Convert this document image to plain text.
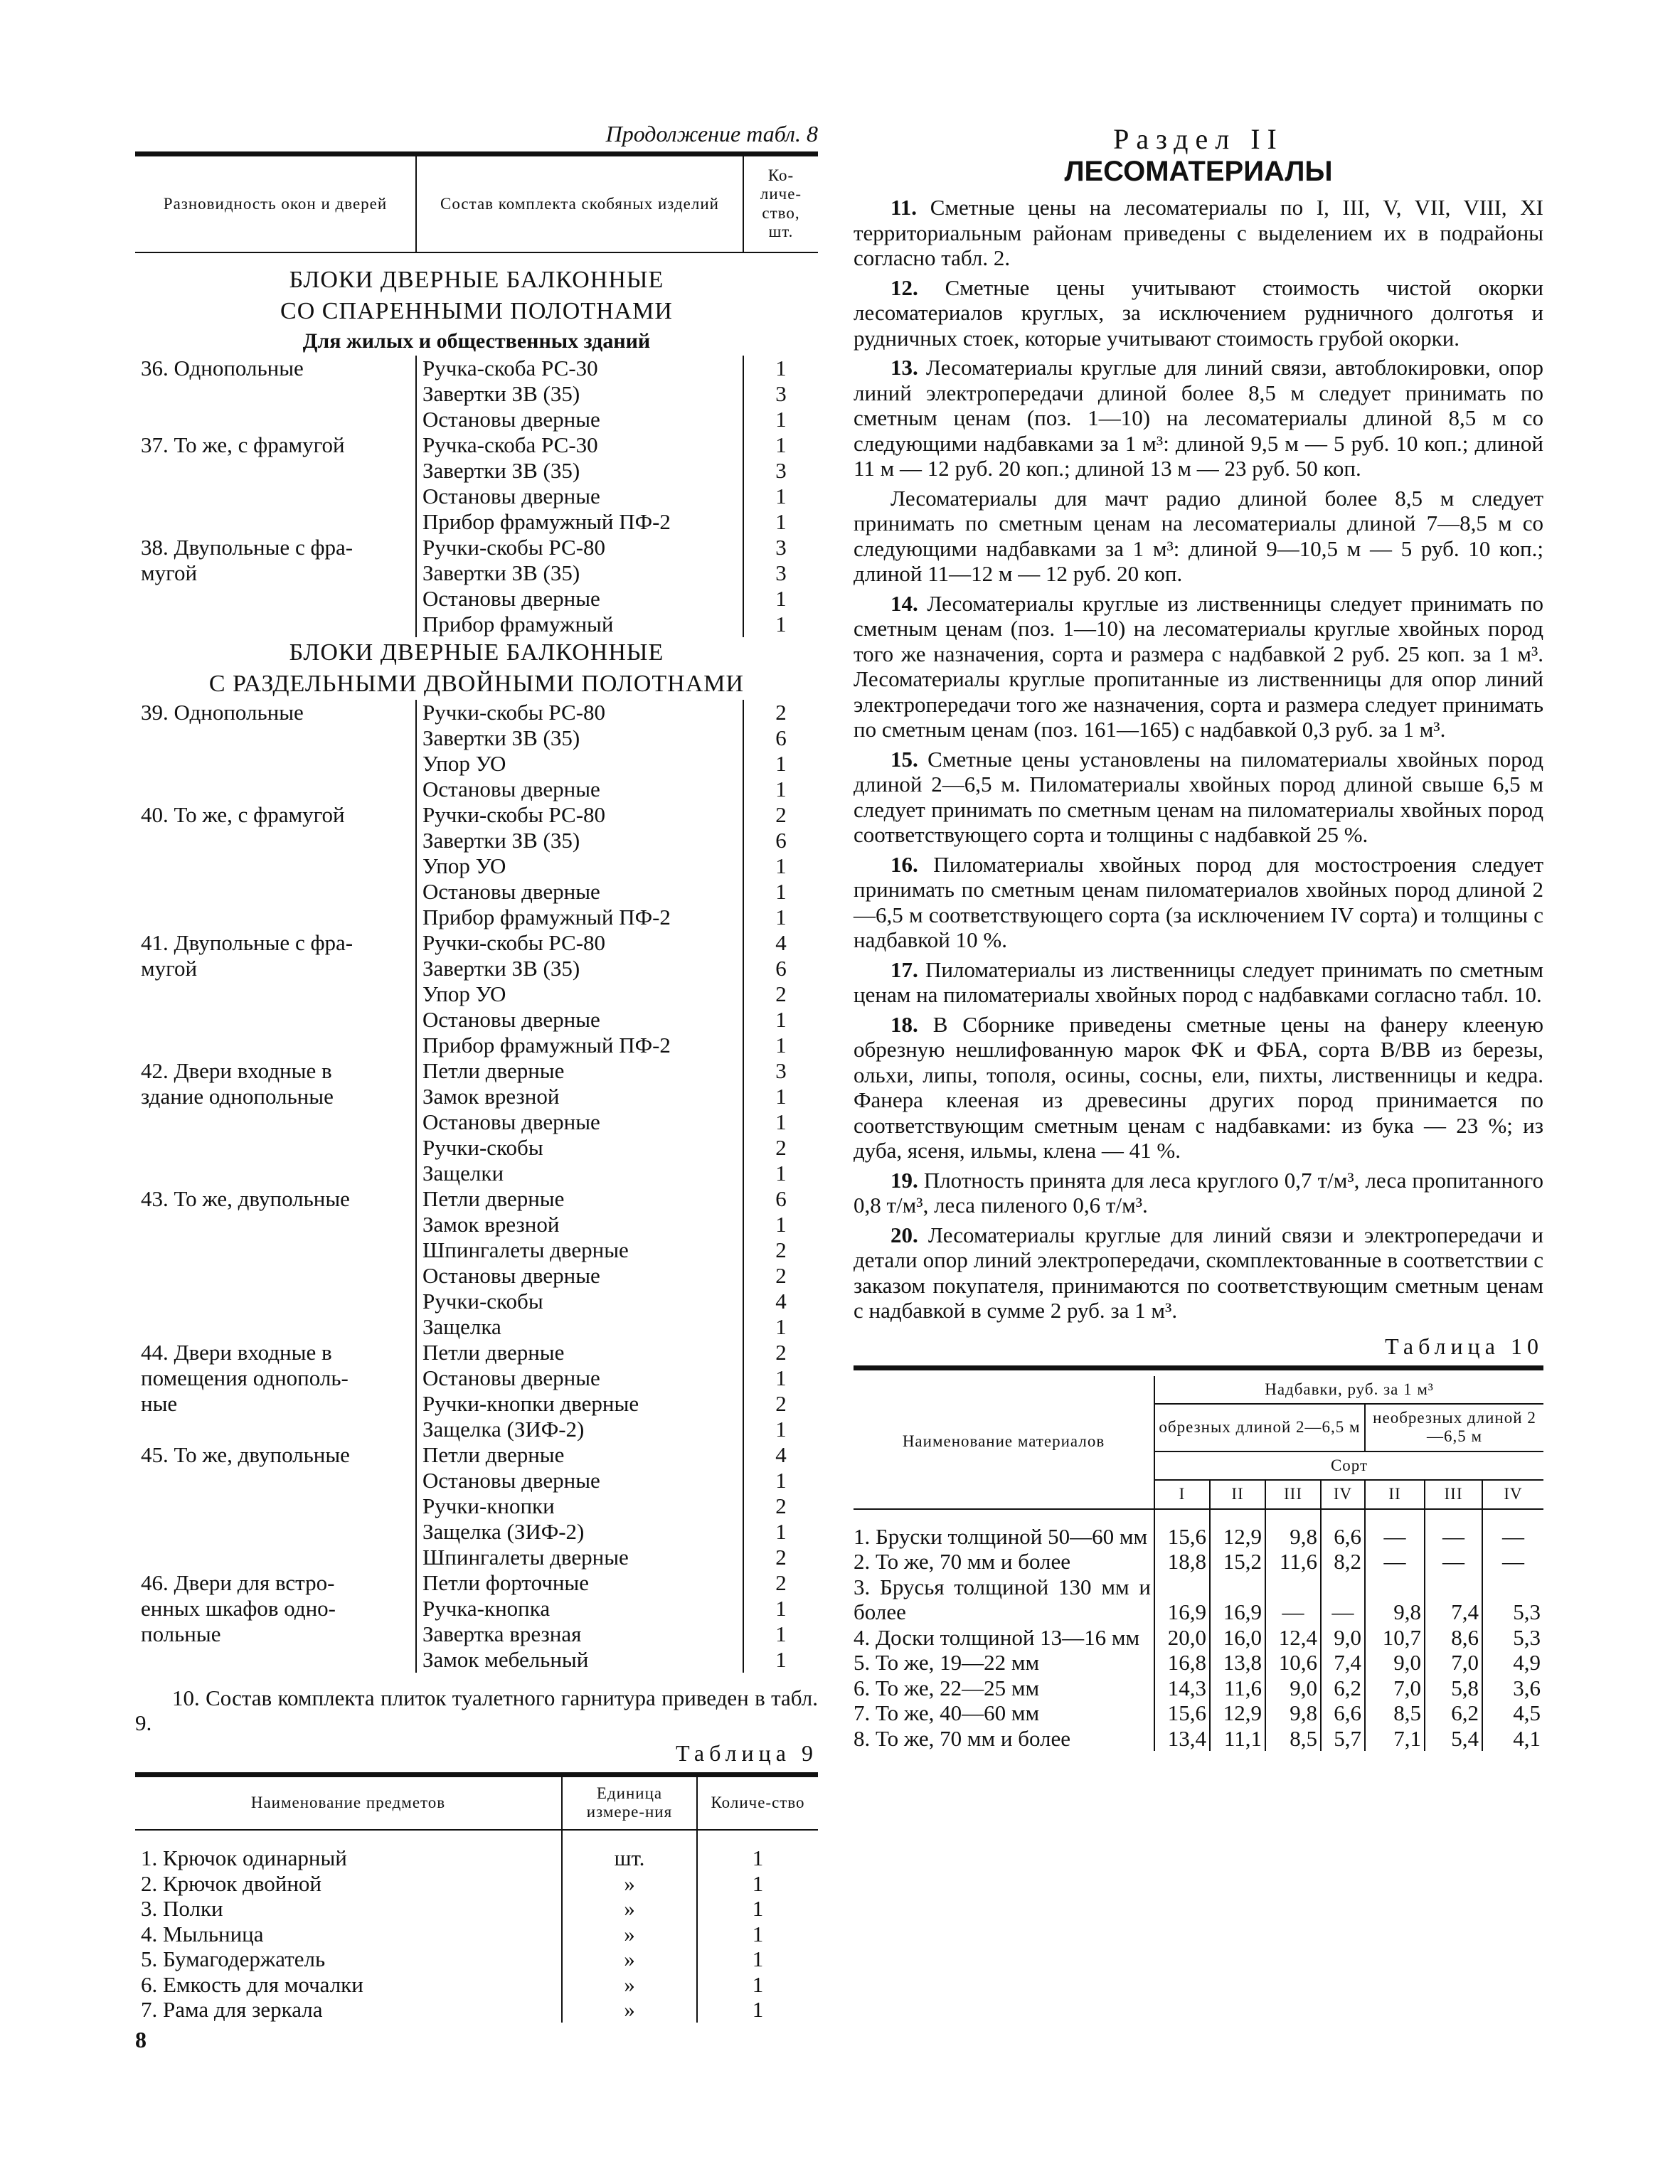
Продолжение табл. 8
Разновидность окон и дверей	Состав комплекта скобяных изделий	Ко-личе-ство, шт.
БЛОКИ ДВЕРНЫЕ БАЛКОННЫЕ		
СО СПАРЕННЫМИ ПОЛОТНАМИ		
Для жилых и общественных зданий		
36. Однопольные	Ручка-скоба РС-30	1
	Завертки ЗВ (35)	3
	Остановы дверные	1
37. То же, с фрамугой	Ручка-скоба РС-30	1
	Завертки ЗВ (35)	3
	Остановы дверные	1
	Прибор фрамужный ПФ-2	1
38. Двупольные с фра-	Ручки-скобы РС-80	3
мугой	Завертки ЗВ (35)	3
	Остановы дверные	1
	Прибор фрамужный	1
БЛОКИ ДВЕРНЫЕ БАЛКОННЫЕ		
С РАЗДЕЛЬНЫМИ ДВОЙНЫМИ ПОЛОТНАМИ		
39. Однопольные	Ручки-скобы РС-80	2
	Завертки ЗВ (35)	6
	Упор УО	1
	Остановы дверные	1
40. То же, с фрамугой	Ручки-скобы РС-80	2
	Завертки ЗВ (35)	6
	Упор УО	1
	Остановы дверные	1
	Прибор фрамужный ПФ-2	1
41. Двупольные с фра-	Ручки-скобы РС-80	4
мугой	Завертки ЗВ (35)	6
	Упор УО	2
	Остановы дверные	1
	Прибор фрамужный ПФ-2	1
42. Двери входные в	Петли дверные	3
здание однопольные	Замок врезной	1
	Остановы дверные	1
	Ручки-скобы	2
	Защелки	1
43. То же, двупольные	Петли дверные	6
	Замок врезной	1
	Шпингалеты дверные	2
	Остановы дверные	2
	Ручки-скобы	4
	Защелка	1
44. Двери входные в	Петли дверные	2
помещения однополь-	Остановы дверные	1
ные	Ручки-кнопки дверные	2
	Защелка (ЗИФ-2)	1
45. То же, двупольные	Петли дверные	4
	Остановы дверные	1
	Ручки-кнопки	2
	Защелка (ЗИФ-2)	1
	Шпингалеты дверные	2
46. Двери для встро-	Петли форточные	2
енных шкафов одно-	Ручка-кнопка	1
польные	Завертка врезная	1
	Замок мебельный	1

10. Состав комплекта плиток туалетного гарнитура приведен в табл. 9.

Таблица 9
Наименование предметов	Единица измере-ния	Количе-ство
1. Крючок одинарный	шт.	1
2. Крючок двойной	»	1
3. Полки	»	1
4. Мыльница	»	1
5. Бумагодержатель	»	1
6. Емкость для мочалки	»	1
7. Рама для зеркала	»	1
8
Раздел II
ЛЕСОМАТЕРИАЛЫ

11. Сметные цены на лесоматериалы по I, III, V, VII, VIII, XI территориальным районам приведены с выделением их в подрайоны согласно табл. 2.

12. Сметные цены учитывают стоимость чистой окорки лесоматериалов круглых, за исключением рудничного долготья и рудничных стоек, которые учитывают стоимость грубой окорки.

13. Лесоматериалы круглые для линий связи, автоблокировки, опор линий электропередачи длиной более 8,5 м следует принимать по сметным ценам (поз. 1—10) на лесоматериалы длиной 8,5 м со следующими надбавками за 1 м³: длиной 9,5 м — 5 руб. 10 коп.; длиной 11 м — 12 руб. 20 коп.; длиной 13 м — 23 руб. 50 коп.

Лесоматериалы для мачт радио длиной более 8,5 м следует принимать по сметным ценам на лесоматериалы длиной 7—8,5 м со следующими надбавками за 1 м³: длиной 9—10,5 м — 5 руб. 10 коп.; длиной 11—12 м — 12 руб. 20 коп.

14. Лесоматериалы круглые из лиственницы следует принимать по сметным ценам (поз. 1—10) на лесоматериалы круглые хвойных пород того же назначения, сорта и размера с надбавкой 2 руб. 25 коп. за 1 м³. Лесоматериалы круглые пропитанные из лиственницы для опор линий электропередачи того же назначения, сорта и размера следует принимать по сметным ценам (поз. 161—165) с надбавкой 0,3 руб. за 1 м³.

15. Сметные цены установлены на пиломатериалы хвойных пород длиной 2—6,5 м. Пиломатериалы хвойных пород длиной свыше 6,5 м следует принимать по сметным ценам на пиломатериалы хвойных пород соответствующего сорта и толщины с надбавкой 25 %.

16. Пиломатериалы хвойных пород для мостостроения следует принимать по сметным ценам пиломатериалов хвойных пород длиной 2—6,5 м соответствующего сорта (за исключением IV сорта) и толщины с надбавкой 10 %.

17. Пиломатериалы из лиственницы следует принимать по сметным ценам на пиломатериалы хвойных пород с надбавками согласно табл. 10.

18. В Сборнике приведены сметные цены на фанеру клееную обрезную нешлифованную марок ФК и ФБА, сорта В/ВВ из березы, ольхи, липы, тополя, осины, сосны, ели, пихты, лиственницы и кедра. Фанера клееная из древесины других пород принимается по соответствующим сметным ценам с надбавками: из бука — 23 %; из дуба, ясеня, ильмы, клена — 41 %.

19. Плотность принята для леса круглого 0,7 т/м³, леса пропитанного 0,8 т/м³, леса пиленого 0,6 т/м³.

20. Лесоматериалы круглые для линий связи и электропередачи и детали опор линий электропередачи, скомплектованные в соответствии с заказом покупателя, принимаются по соответствующим сметным ценам с надбавкой в сумме 2 руб. за 1 м³.

Таблица 10
Наименование материалов	Надбавки, руб. за 1 м³						
	обрезных длиной 2—6,5 м				необрезных длиной 2—6,5 м		
	Сорт						
	I	II	III	IV	II	III	IV
1. Бруски толщиной 50—60 мм	15,6	12,9	9,8	6,6	—	—	—
2. То же, 70 мм и более	18,8	15,2	11,6	8,2	—	—	—
3. Брусья толщиной 130 мм и более	16,9	16,9	—	—	9,8	7,4	5,3
4. Доски толщиной 13—16 мм	20,0	16,0	12,4	9,0	10,7	8,6	5,3
5. То же, 19—22 мм	16,8	13,8	10,6	7,4	9,0	7,0	4,9
6. То же, 22—25 мм	14,3	11,6	9,0	6,2	7,0	5,8	3,6
7. То же, 40—60 мм	15,6	12,9	9,8	6,6	8,5	6,2	4,5
8. То же, 70 мм и более	13,4	11,1	8,5	5,7	7,1	5,4	4,1
